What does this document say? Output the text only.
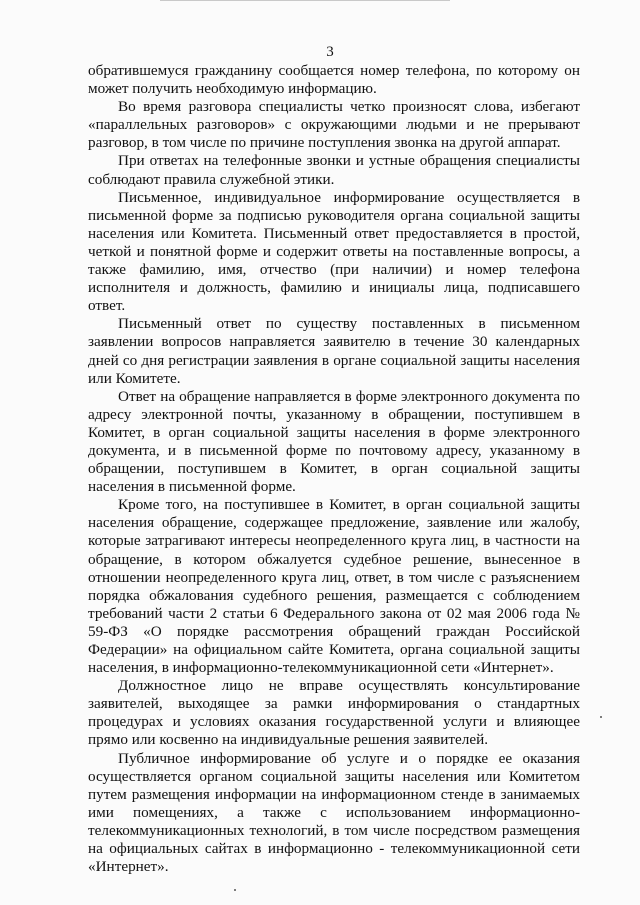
3

обратившемуся гражданину сообщается номер телефона, по которому он может получить необходимую информацию.

Во время разговора специалисты четко произносят слова, избегают «параллельных разговоров» с окружающими людьми и не прерывают разговор, в том числе по причине поступления звонка на другой аппарат.

При ответах на телефонные звонки и устные обращения специалисты соблюдают правила служебной этики.

Письменное, индивидуальное информирование осуществляется в письменной форме за подписью руководителя органа социальной защиты населения или Комитета. Письменный ответ предоставляется в простой, четкой и понятной форме и содержит ответы на поставленные вопросы, а также фамилию, имя, отчество (при наличии) и номер телефона исполнителя и должность, фамилию и инициалы лица, подписавшего ответ.

Письменный ответ по существу поставленных в письменном заявлении вопросов направляется заявителю в течение 30 календарных дней со дня регистрации заявления в органе социальной защиты населения или Комитете.

Ответ на обращение направляется в форме электронного документа по адресу электронной почты, указанному в обращении, поступившем в Комитет, в орган социальной защиты населения в форме электронного документа, и в письменной форме по почтовому адресу, указанному в обращении, поступившем в Комитет, в орган социальной защиты населения в письменной форме.

Кроме того, на поступившее в Комитет, в орган социальной защиты населения обращение, содержащее предложение, заявление или жалобу, которые затрагивают интересы неопределенного круга лиц, в частности на обращение, в котором обжалуется судебное решение, вынесенное в отношении неопределенного круга лиц, ответ, в том числе с разъяснением порядка обжалования судебного решения, размещается с соблюдением требований части 2 статьи 6 Федерального закона от 02 мая 2006 года № 59-ФЗ «О порядке рассмотрения обращений граждан Российской Федерации» на официальном сайте Комитета, органа социальной защиты населения, в информационно-телекоммуникационной сети «Интернет».

Должностное лицо не вправе осуществлять консультирование заявителей, выходящее за рамки информирования о стандартных процедурах и условиях оказания государственной услуги и влияющее прямо или косвенно на индивидуальные решения заявителей.

Публичное информирование об услуге и о порядке ее оказания осуществляется органом социальной защиты населения или Комитетом путем размещения информации на информационном стенде в занимаемых ими помещениях, а также с использованием информационно-телекоммуникационных технологий, в том числе посредством размещения на официальных сайтах в информационно - телекоммуникационной сети «Интернет».
